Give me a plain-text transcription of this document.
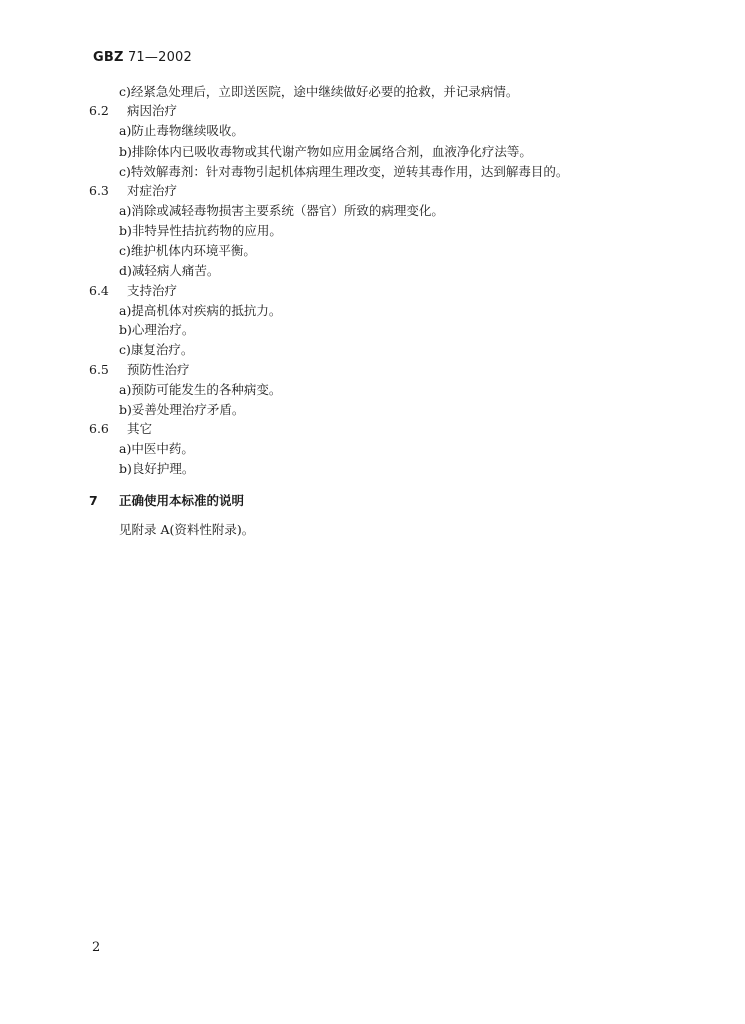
GBZ 71—2002
c)经紧急处理后，立即送医院，途中继续做好必要的抢救，并记录病情。
6.2 病因治疗
a)防止毒物继续吸收。
b)排除体内已吸收毒物或其代谢产物如应用金属络合剂，血液净化疗法等。
c)特效解毒剂：针对毒物引起机体病理生理改变，逆转其毒作用，达到解毒目的。
6.3 对症治疗
a)消除或减轻毒物损害主要系统（器官）所致的病理变化。
b)非特异性拮抗药物的应用。
c)维护机体内环境平衡。
d)减轻病人痛苦。
6.4 支持治疗
a)提高机体对疾病的抵抗力。
b)心理治疗。
c)康复治疗。
6.5 预防性治疗
a)预防可能发生的各种病变。
b)妥善处理治疗矛盾。
6.6 其它
a)中医中药。
b)良好护理。
7 正确使用本标准的说明
见附录 A(资料性附录)。
2
